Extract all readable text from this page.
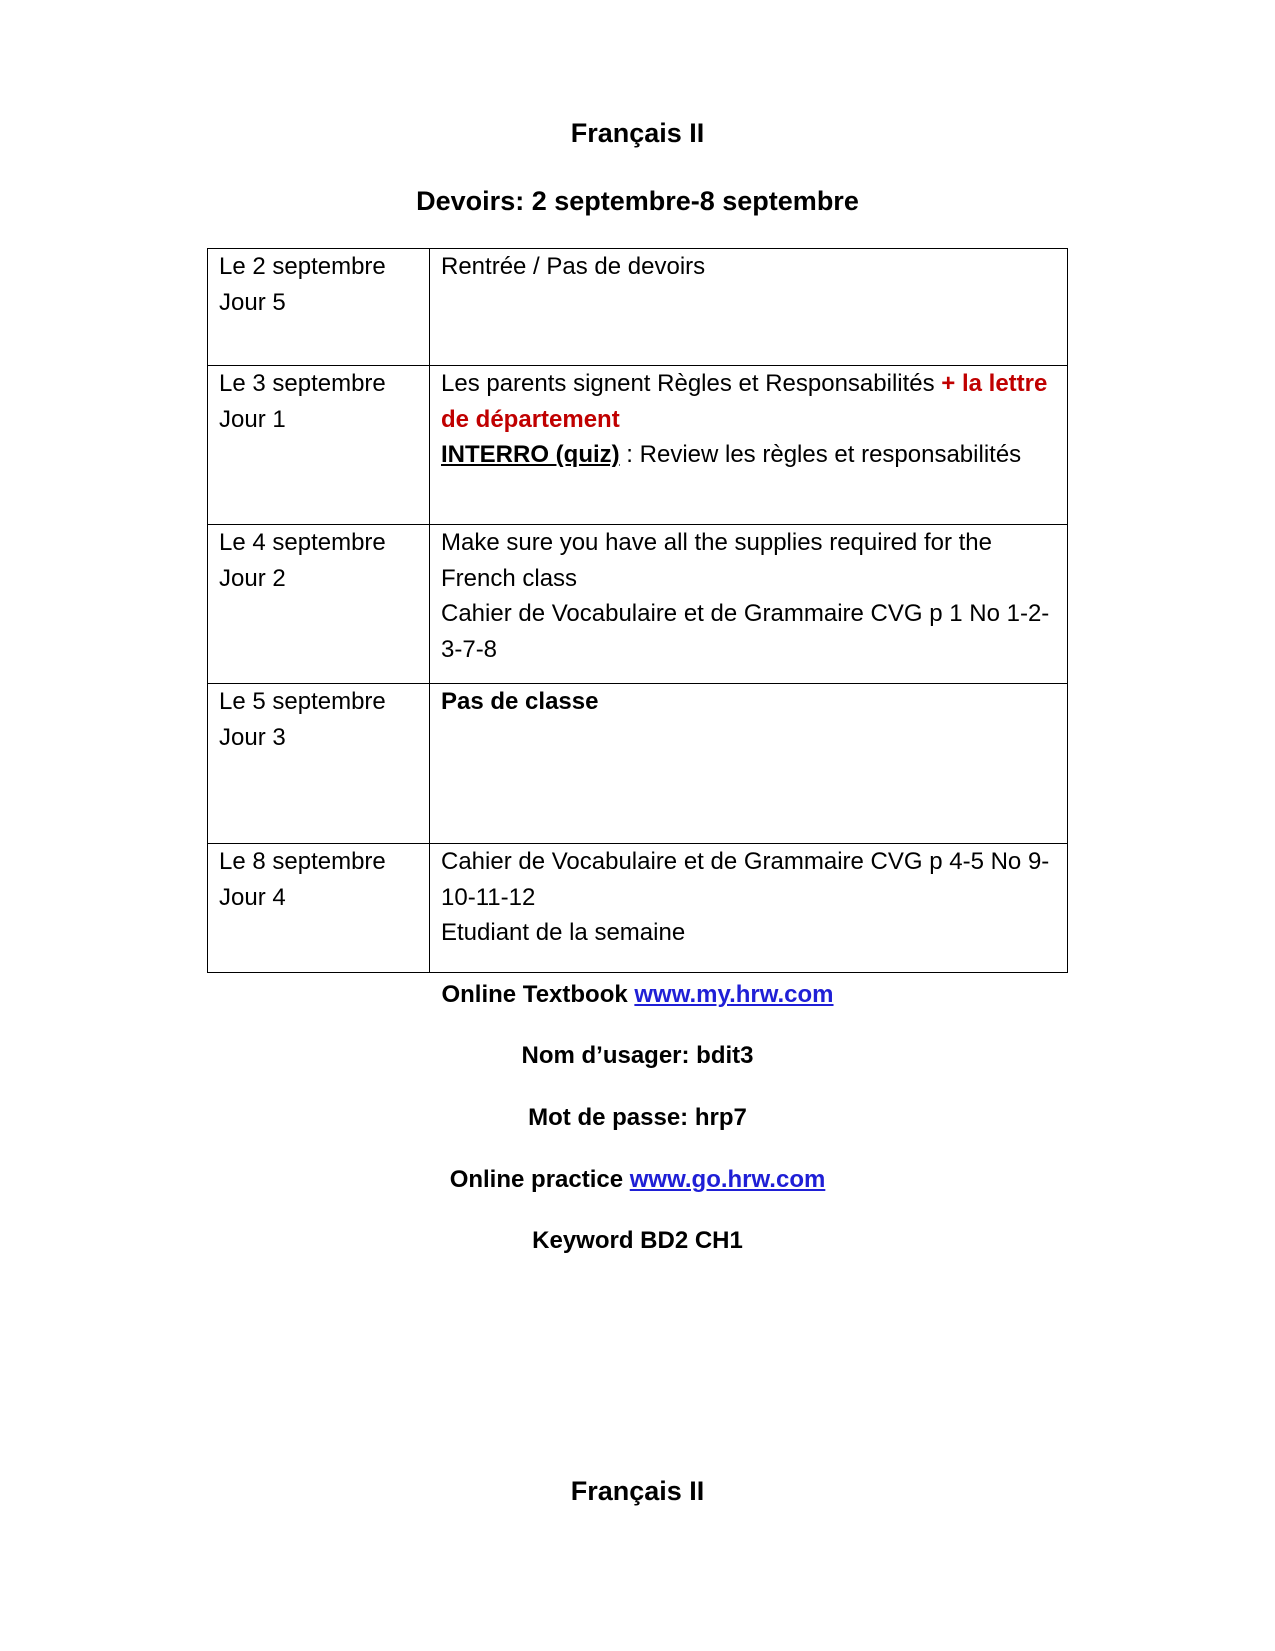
Français II
Devoirs: 2 septembre-8 septembre
Le 2 septembre
Jour 5	Rentrée / Pas de devoirs

Le 3 septembre
Jour 1	Les parents signent Règles et Responsabilités + la lettre de département
INTERRO (quiz) : Review les règles et responsabilités

Le 4 septembre
Jour 2	Make sure you have all the supplies required for the French class
Cahier de Vocabulaire et de Grammaire CVG p 1 No 1-2-3-7-8

Le 5 septembre
Jour 3	Pas de classe

Le 8 septembre
Jour 4	Cahier de Vocabulaire et de Grammaire CVG p 4-5 No 9-10-11-12
Etudiant de la semaine
Online Textbook www.my.hrw.com
Nom d’usager: bdit3
Mot de passe: hrp7
Online practice www.go.hrw.com
Keyword BD2 CH1
Français II
